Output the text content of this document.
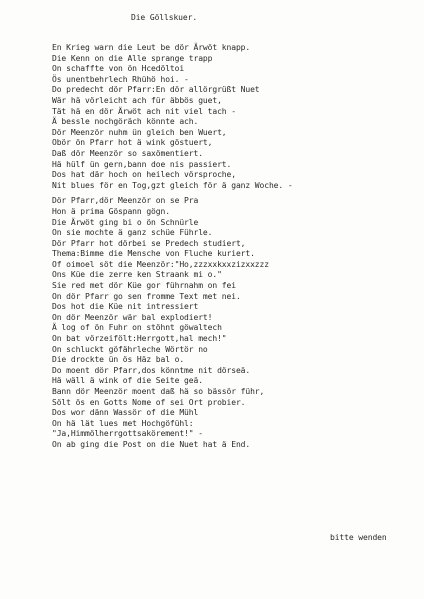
Die Göllskuer.
En Krieg warn die Leut be dör Ärwöt knapp.
Die Kenn on die Alle sprange trapp
On schaffte von ön Hcedöltoi
Ös unentbehrlech Rhühö hoi. -
Do predecht dör Pfarr:En dör allörgrüßt Nuet
Wär hä vörleicht ach für äbbös guet,
Tät hä en dör Ärwöt ach nit viel tach -
Ä bessle nochgöräch könnte ach.
Dör Meenzör nuhm ün gleich ben Wuert,
Obör ön Pfarr hot ä wink göstuert,
Daß dör Meenzör so saxömentiert.
Hä hülf ün gern,bann doe nis passiert.
Dos hat där hoch on heilech vörsproche,
Nit blues för en Tog,gzt gleich för ä ganz Woche. -
Dör Pfarr,dör Meenzör on se Pra
Hon ä prima Göspann gögn.
Die Ärwöt ging bi o ön Schnürle
On sie mochte ä ganz schüe Führle.
Dör Pfarr hot dörbei se Predech studiert,
Thema:Bimme die Mensche von Fluche kuriert.
Of oimoel söt die Meenzör:"Ho,zzzxxkxxzizxxzzz
Ons Küe die zerre ken Straank mi o."
Sie red met dör Küe gor führnahm on fei
On dör Pfarr go sen fromme Text met nei.
Dos hot die Küe nit intressiert
On dör Meenzör wär bal explodiert!
Ä log of ön Fuhr on stöhnt göwaltech
On bat vörzeifölt:Herrgott,hal mech!"
On schluckt göfährleche Wörtör no
Die drockte ün ös Häz bal o.
Do moent dör Pfarr,dos könntme nit dörseä.
Hä wäll ä wink of die Seite geä.
Bann dör Meenzör moent daß hä so bässör führ,
Sölt ös en Gotts Nome of sei Ort probier.
Dos wor dänn Wassör of die Mühl
On hä lät lues met Hochgöfühl:
"Ja,Himmölherrgottsakörement!" -
On ab ging die Post on die Nuet hat ä End.
bitte wenden
